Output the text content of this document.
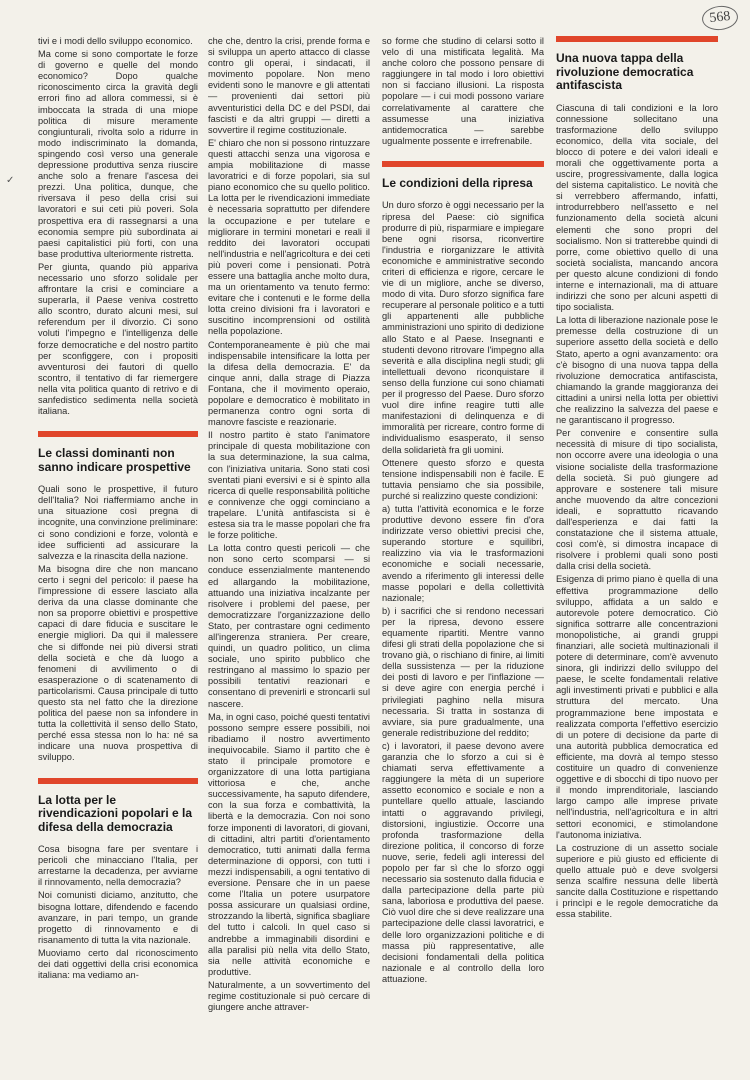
568
✓

tivi e i modi dello sviluppo economico.

Ma come si sono comportate le forze di governo e quelle del mondo economico? Dopo qualche riconoscimento circa la gravità degli errori fino ad allora commessi, si è imboccata la strada di una miope politica di misure meramente congiunturali, rivolta solo a ridurre in modo indiscriminato la domanda, spingendo così verso una generale depressione produttiva senza riuscire anche solo a frenare l'ascesa dei prezzi. Una politica, dunque, che riversava il peso della crisi sui lavoratori e sui ceti più poveri. Sola prospettiva era di rassegnarsi a una economia sempre più subordinata ai paesi capitalistici più forti, con una base produttiva ulteriormente ristretta.

Per giunta, quando più appariva necessario uno sforzo solidale per affrontare la crisi e cominciare a superarla, il Paese veniva costretto allo scontro, durato alcuni mesi, sul referendum per il divorzio. Ci sono voluti l'impegno e l'intelligenza delle forze democratiche e del nostro partito per sconfiggere, con i propositi avventurosi dei fautori di quello scontro, il tentativo di far riemergere nella vita politica quanto di retrivo e di sanfedistico sedimenta nella società italiana.

Le classi dominanti non sanno indicare prospettive

Quali sono le prospettive, il futuro dell'Italia? Noi riaffermiamo anche in una situazione così pregna di incognite, una convinzione preliminare: ci sono condizioni e forze, volontà e idee sufficienti ad assicurare la salvezza e la rinascita della nazione.

Ma bisogna dire che non mancano certo i segni del pericolo: il paese ha l'impressione di essere lasciato alla deriva da una classe dominante che non sa proporre obiettivi e prospettive capaci di dare fiducia e suscitare le energie migliori. Da qui il malessere che si diffonde nei più diversi strati della società e che dà luogo a fenomeni di avvilimento o di esasperazione o di scatenamento di particolarismi. Causa principale di tutto questo sta nel fatto che la direzione politica del paese non sa infondere in tutta la collettività il senso dello Stato, perché essa stessa non lo ha: né sa indicare una nuova prospettiva di sviluppo.

La lotta per le rivendicazioni popolari e la difesa della democrazia

Cosa bisogna fare per sventare i pericoli che minacciano l'Italia, per arrestarne la decadenza, per avviarne il rinnovamento, nella democrazia?

Noi comunisti diciamo, anzitutto, che bisogna lottare, difendendo e facendo avanzare, in pari tempo, un grande progetto di rinnovamento e di risanamento di tutta la vita nazionale.

Muoviamo certo dal riconoscimento dei dati oggettivi della crisi economica italiana: ma vediamo an-

che che, dentro la crisi, prende forma e si sviluppa un aperto attacco di classe contro gli operai, i sindacati, il movimento popolare. Non meno evidenti sono le manovre e gli attentati — provenienti dai settori più avventuristici della DC e del PSDI, dai fascisti e da altri gruppi — diretti a sovvertire il regime costituzionale.

E' chiaro che non si possono rintuzzare questi attacchi senza una vigorosa e ampia mobilitazione di masse lavoratrici e di forze popolari, sia sul piano economico che su quello politico. La lotta per le rivendicazioni immediate è necessaria soprattutto per difendere la occupazione e per tutelare e migliorare in termini monetari e reali il reddito dei lavoratori occupati nell'industria e nell'agricoltura e dei ceti più poveri come i pensionati. Potrà essere una battaglia anche molto dura, ma un orientamento va tenuto fermo: evitare che i contenuti e le forme della lotta creino divisioni fra i lavoratori e suscitino incomprensioni od ostilità nella popolazione.

Contemporaneamente è più che mai indispensabile intensificare la lotta per la difesa della democrazia. E' da cinque anni, dalla strage di Piazza Fontana, che il movimento operaio, popolare e democratico è mobilitato in permanenza contro ogni sorta di manovre fasciste e reazionarie.

Il nostro partito è stato l'animatore principale di questa mobilitazione con la sua determinazione, la sua calma, con l'iniziativa unitaria. Sono stati così sventati piani eversivi e si è spinto alla ricerca di quelle responsabilità politiche e connivenze che oggi cominciano a trapelare. L'unità antifascista si è estesa sia tra le masse popolari che fra le forze politiche.

La lotta contro questi pericoli — che non sono certo scomparsi — si conduce essenzialmente mantenendo ed allargando la mobilitazione, attuando una iniziativa incalzante per risolvere i problemi del paese, per democratizzare l'organizzazione dello Stato, per contrastare ogni cedimento all'ingerenza straniera. Per creare, quindi, un quadro politico, un clima sociale, uno spirito pubblico che restringano al massimo lo spazio per possibili tentativi reazionari e consentano di prevenirli e stroncarli sul nascere.

Ma, in ogni caso, poiché questi tentativi possono sempre essere possibili, noi ribadiamo il nostro avvertimento inequivocabile. Siamo il partito che è stato il principale promotore e organizzatore di una lotta partigiana vittoriosa e che, anche successivamente, ha saputo difendere, con la sua forza e combattività, la libertà e la democrazia. Con noi sono forze imponenti di lavoratori, di giovani, di cittadini, altri partiti d'orientamento democratico, tutti animati dalla ferma determinazione di opporsi, con tutti i mezzi indispensabili, a ogni tentativo di eversione. Pensare che in un paese come l'Italia un potere usurpatore possa assicurare un qualsiasi ordine, strozzando la libertà, significa sbagliare del tutto i calcoli. In quel caso si andrebbe a immaginabili disordini e alla paralisi più nella vita dello Stato, sia nelle attività economiche e produttive.

Naturalmente, a un sovvertimento del regime costituzionale si può cercare di giungere anche attraver-

so forme che studino di celarsi sotto il velo di una mistificata legalità. Ma anche coloro che possono pensare di raggiungere in tal modo i loro obiettivi non si facciano illusioni. La risposta popolare — i cui modi possono variare correlativamente al carattere che assumesse una iniziativa antidemocratica — sarebbe ugualmente possente e irrefrenabile.

Le condizioni della ripresa

Un duro sforzo è oggi necessario per la ripresa del Paese: ciò significa produrre di più, risparmiare e impiegare bene ogni risorsa, riconvertire l'industria e riorganizzare le attività economiche e amministrative secondo criteri di efficienza e rigore, cercare le vie di un migliore, anche se diverso, modo di vita. Duro sforzo significa fare recuperare al personale politico e a tutti gli appartenenti alle pubbliche amministrazioni uno spirito di dedizione allo Stato e al Paese. Insegnanti e studenti devono ritrovare l'impegno alla severità e alla disciplina negli studi; gli intellettuali devono riconquistare il senso della funzione cui sono chiamati per il progresso del Paese. Duro sforzo vuol dire infine reagire tutti alle manifestazioni di delinquenza e di immoralità per ricreare, contro forme di individualismo esasperato, il senso della solidarietà fra gli uomini.

Ottenere questo sforzo e questa tensione indispensabili non è facile. E tuttavia pensiamo che sia possibile, purché si realizzino queste condizioni:

a) tutta l'attività economica e le forze produttive devono essere fin d'ora indirizzate verso obiettivi precisi che, superando storture e squilibri, realizzino via via le trasformazioni economiche e sociali necessarie, avendo a riferimento gli interessi delle masse popolari e della collettività nazionale;

b) i sacrifici che si rendono necessari per la ripresa, devono essere equamente ripartiti. Mentre vanno difesi gli strati della popolazione che si trovano già, o rischiano di finire, ai limiti della sussistenza — per la riduzione dei posti di lavoro e per l'inflazione — si deve agire con energia perché i privilegiati paghino nella misura necessaria. Si tratta in sostanza di avviare, sia pure gradualmente, una generale redistribuzione del reddito;

c) i lavoratori, il paese devono avere garanzia che lo sforzo a cui si è chiamati serva effettivamente a raggiungere la mèta di un superiore assetto economico e sociale e non a puntellare quello attuale, lasciando intatti o aggravando privilegi, distorsioni, ingiustizie. Occorre una profonda trasformazione della direzione politica, il concorso di forze nuove, serie, fedeli agli interessi del popolo per far sì che lo sforzo oggi necessario sia sostenuto dalla fiducia e dalla partecipazione della parte più sana, laboriosa e produttiva del paese. Ciò vuol dire che si deve realizzare una partecipazione delle classi lavoratrici, e delle loro organizzazioni politiche e di massa più rappresentative, alle decisioni fondamentali della politica nazionale e al controllo della loro attuazione.

Una nuova tappa della rivoluzione democratica antifascista

Ciascuna di tali condizioni e la loro connessione sollecitano una trasformazione dello sviluppo economico, della vita sociale, del blocco di potere e dei valori ideali e morali che oggettivamente porta a uscire, progressivamente, dalla logica del sistema capitalistico. Le novità che si verrebbero affermando, infatti, introdurrebbero nell'assetto e nel funzionamento della società alcuni elementi che sono propri del socialismo. Non si tratterebbe quindi di porre, come obiettivo quello di una società socialista, mancando ancora per questo alcune condizioni di fondo interne e internazionali, ma di attuare indirizzi che sono per alcuni aspetti di tipo socialista.

La lotta di liberazione nazionale pose le premesse della costruzione di un superiore assetto della società e dello Stato, aperto a ogni avanzamento: ora c'è bisogno di una nuova tappa della rivoluzione democratica antifascista, chiamando la grande maggioranza dei cittadini a unirsi nella lotta per obiettivi che realizzino la salvezza del paese e ne garantiscano il progresso.

Per convenire e consentire sulla necessità di misure di tipo socialista, non occorre avere una ideologia o una visione socialiste della trasformazione della società. Si può giungere ad approvare e sostenere tali misure anche muovendo da altre concezioni ideali, e soprattutto ricavando dall'esperienza e dai fatti la constatazione che il sistema attuale, così com'è, si dimostra incapace di risolvere i problemi quali sono posti dalla crisi della società.

Esigenza di primo piano è quella di una effettiva programmazione dello sviluppo, affidata a un saldo e autorevole potere democratico. Ciò significa sottrarre alle concentrazioni monopolistiche, ai grandi gruppi finanziari, alle società multinazionali il potere di determinare, com'è avvenuto sinora, gli indirizzi dello sviluppo del paese, le scelte fondamentali relative agli investimenti privati e pubblici e alla struttura del mercato. Una programmazione bene impostata e realizzata comporta l'effettivo esercizio di un potere di decisione da parte di una autorità pubblica democratica ed efficiente, ma dovrà al tempo stesso costituire un quadro di convenienze oggettive e di sbocchi di tipo nuovo per il mondo imprenditoriale, lasciando largo campo alle imprese private nell'industria, nell'agricoltura e in altri settori economici, e stimolandone l'autonoma iniziativa.

La costruzione di un assetto sociale superiore e più giusto ed efficiente di quello attuale può e deve svolgersi senza scalfire nessuna delle libertà sancite dalla Costituzione e rispettando i princìpi e le regole democratiche da essa stabilite.
